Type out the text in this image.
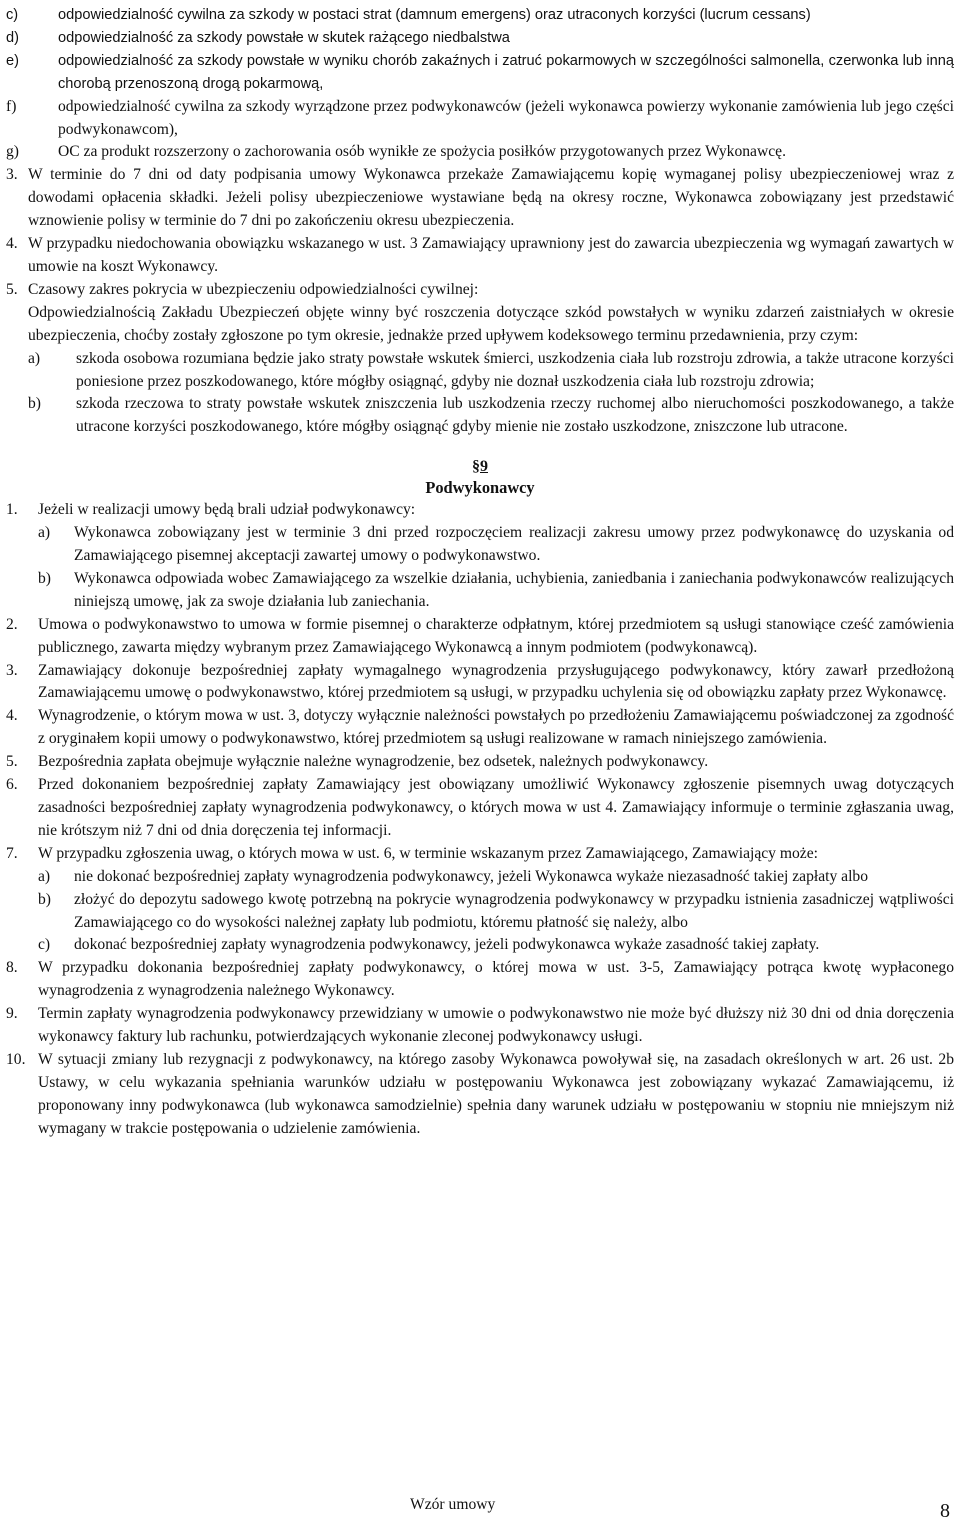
c)	odpowiedzialność cywilna za szkody w postaci strat (damnum emergens) oraz utraconych korzyści (lucrum cessans)
d)	odpowiedzialność za szkody powstałe w skutek rażącego niedbalstwa
e)	odpowiedzialność za szkody powstałe w wyniku chorób zakaźnych i zatruć pokarmowych w szczególności salmonella, czerwonka lub inną chorobą przenoszoną drogą pokarmową,
f)	odpowiedzialność cywilna za szkody wyrządzone przez podwykonawców (jeżeli wykonawca powierzy wykonanie zamówienia lub jego części podwykonawcom),
g)	OC za produkt rozszerzony o zachorowania osób wynikłe ze spożycia posiłków przygotowanych przez Wykonawcę.
3. W terminie do 7 dni od daty podpisania umowy Wykonawca przekaże Zamawiającemu kopię wymaganej polisy ubezpieczeniowej wraz z dowodami opłacenia składki. Jeżeli polisy ubezpieczeniowe wystawiane będą na okresy roczne, Wykonawca zobowiązany jest przedstawić wznowienie polisy w terminie do 7 dni po zakończeniu okresu ubezpieczenia.
4. W przypadku niedochowania obowiązku wskazanego w ust. 3 Zamawiający uprawniony jest do zawarcia ubezpieczenia wg wymagań zawartych w umowie na koszt Wykonawcy.
5. Czasowy zakres pokrycia w ubezpieczeniu odpowiedzialności cywilnej:
Odpowiedzialnością Zakładu Ubezpieczeń objęte winny być roszczenia dotyczące szkód powstałych w wyniku zdarzeń zaistniałych w okresie ubezpieczenia, choćby zostały zgłoszone po tym okresie, jednakże przed upływem kodeksowego terminu przedawnienia, przy czym:
a)	szkoda osobowa rozumiana będzie jako straty powstałe wskutek śmierci, uszkodzenia ciała lub rozstroju zdrowia, a także utracone korzyści poniesione przez poszkodowanego, które mógłby osiągnąć, gdyby nie doznał uszkodzenia ciała lub rozstroju zdrowia;
b)	szkoda rzeczowa to straty powstałe wskutek zniszczenia lub uszkodzenia rzeczy ruchomej albo nieruchomości poszkodowanego, a także utracone korzyści poszkodowanego, które mógłby osiągnąć gdyby mienie nie zostało uszkodzone, zniszczone lub utracone.
§9
Podwykonawcy
1.	Jeżeli w realizacji umowy będą brali udział podwykonawcy:
a)	Wykonawca zobowiązany jest w terminie 3 dni przed rozpoczęciem realizacji zakresu umowy przez podwykonawcę do uzyskania od Zamawiającego pisemnej akceptacji zawartej umowy o podwykonawstwo.
b)	Wykonawca odpowiada wobec Zamawiającego za wszelkie działania, uchybienia, zaniedbania i zaniechania podwykonawców realizujących niniejszą umowę, jak za swoje działania lub zaniechania.
2.	Umowa o podwykonawstwo to umowa w formie pisemnej o charakterze odpłatnym, której przedmiotem są usługi stanowiące cześć zamówienia publicznego, zawarta między wybranym przez Zamawiającego Wykonawcą a innym podmiotem (podwykonawcą).
3.	Zamawiający dokonuje bezpośredniej zapłaty wymagalnego wynagrodzenia przysługującego podwykonawcy, który zawarł przedłożoną Zamawiającemu umowę o podwykonawstwo, której przedmiotem są usługi, w przypadku uchylenia się od obowiązku zapłaty przez Wykonawcę.
4.	Wynagrodzenie, o którym mowa w ust. 3, dotyczy wyłącznie należności powstałych po przedłożeniu Zamawiającemu poświadczonej za zgodność z oryginałem kopii umowy o podwykonawstwo, której przedmiotem są usługi realizowane w ramach niniejszego zamówienia.
5.	Bezpośrednia zapłata obejmuje wyłącznie należne wynagrodzenie, bez odsetek, należnych podwykonawcy.
6.	Przed dokonaniem bezpośredniej zapłaty Zamawiający jest obowiązany umożliwić Wykonawcy zgłoszenie pisemnych uwag dotyczących zasadności bezpośredniej zapłaty wynagrodzenia podwykonawcy, o których mowa w ust 4. Zamawiający informuje o terminie zgłaszania uwag, nie krótszym niż 7 dni od dnia doręczenia tej informacji.
7.	W przypadku zgłoszenia uwag, o których mowa w ust. 6, w terminie wskazanym przez Zamawiającego, Zamawiający może:
a)	nie dokonać bezpośredniej zapłaty wynagrodzenia podwykonawcy, jeżeli Wykonawca wykaże niezasadność takiej zapłaty albo
b)	złożyć do depozytu sadowego kwotę potrzebną na pokrycie wynagrodzenia podwykonawcy w przypadku istnienia zasadniczej wątpliwości Zamawiającego co do wysokości należnej zapłaty lub podmiotu, któremu płatność się należy, albo
c)	dokonać bezpośredniej zapłaty wynagrodzenia podwykonawcy, jeżeli podwykonawca wykaże zasadność takiej zapłaty.
8.	W przypadku dokonania bezpośredniej zapłaty podwykonawcy, o której mowa w ust. 3-5, Zamawiający potrąca kwotę wypłaconego wynagrodzenia z wynagrodzenia należnego Wykonawcy.
9.	Termin zapłaty wynagrodzenia podwykonawcy przewidziany w umowie o podwykonawstwo nie może być dłuższy niż 30 dni od dnia doręczenia wykonawcy faktury lub rachunku, potwierdzających wykonanie zleconej podwykonawcy usługi.
10. W sytuacji zmiany lub rezygnacji z podwykonawcy, na którego zasoby Wykonawca powoływał się, na zasadach określonych w art. 26 ust. 2b Ustawy, w celu wykazania spełniania warunków udziału w postępowaniu Wykonawca jest zobowiązany wykazać Zamawiającemu, iż proponowany inny podwykonawca (lub wykonawca samodzielnie) spełnia dany warunek udziału w postępowaniu w stopniu nie mniejszym niż wymagany w trakcie postępowania o udzielenie zamówienia.
Wzór umowy	8
